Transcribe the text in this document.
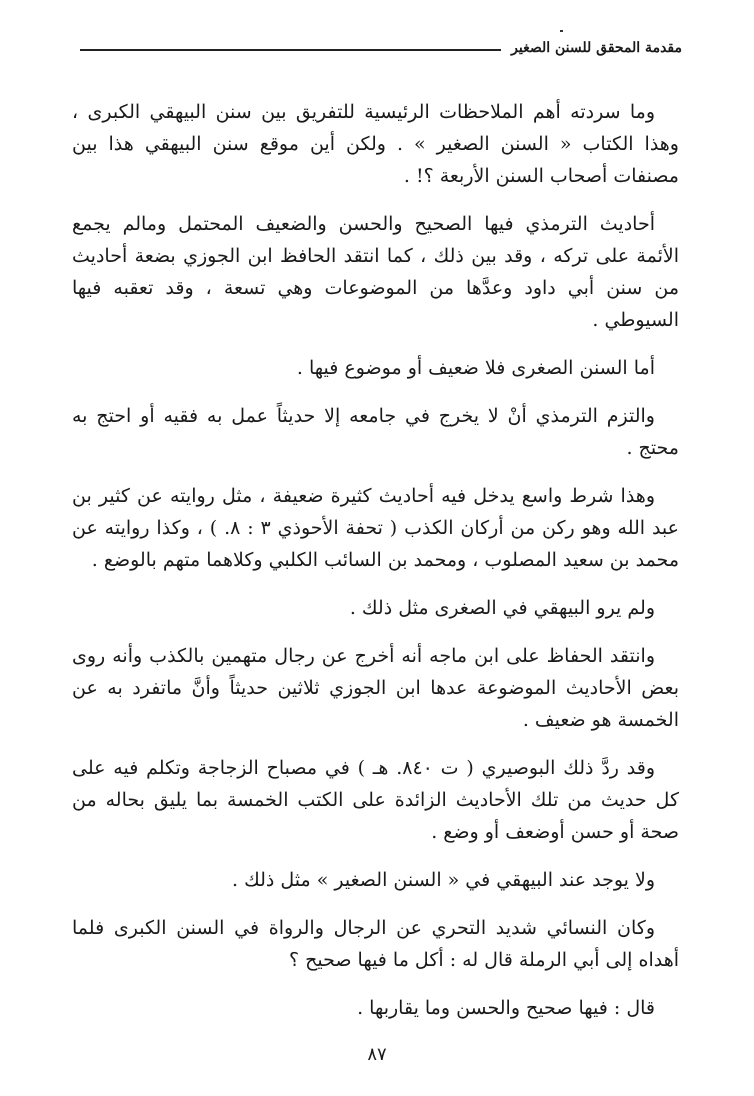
مقدمة المحقق للسنن الصغير

وما سردته أهم الملاحظات الرئيسية للتفريق بين سنن البيهقي الكبرى ، وهذا الكتاب « السنن الصغير » . ولكن أين موقع سنن البيهقي هذا بين مصنفات أصحاب السنن الأربعة ؟! .

أحاديث الترمذي فيها الصحيح والحسن والضعيف المحتمل ومالم يجمع الأئمة على تركه ، وقد بين ذلك ، كما انتقد الحافظ ابن الجوزي بضعة أحاديث من سنن أبي داود وعدَّها من الموضوعات وهي تسعة ، وقد تعقبه فيها السيوطي .

أما السنن الصغرى فلا ضعيف أو موضوع فيها .

والتزم الترمذي أنْ لا يخرج في جامعه إلا حديثاً عمل به فقيه أو احتج به محتج .

وهذا شرط واسع يدخل فيه أحاديث كثيرة ضعيفة ، مثل روايته عن كثير بن عبد الله وهو ركن من أركان الكذب ( تحفة الأحوذي ٣ : ٨. ) ، وكذا روايته عن محمد بن سعيد المصلوب ، ومحمد بن السائب الكلبي وكلاهما متهم بالوضع .

ولم يرو البيهقي في الصغرى مثل ذلك .

وانتقد الحفاظ على ابن ماجه أنه أخرج عن رجال متهمين بالكذب وأنه روى بعض الأحاديث الموضوعة عدها ابن الجوزي ثلاثين حديثاً وأنَّ ماتفرد به عن الخمسة هو ضعيف .

وقد ردَّ ذلك البوصيري ( ت ٨٤٠. هـ ) في مصباح الزجاجة وتكلم فيه على كل حديث من تلك الأحاديث الزائدة على الكتب الخمسة بما يليق بحاله من صحة أو حسن أوضعف أو وضع .

ولا يوجد عند البيهقي في « السنن الصغير » مثل ذلك .

وكان النسائي شديد التحري عن الرجال والرواة في السنن الكبرى فلما أهداه إلى أبي الرملة قال له : أكل ما فيها صحيح ؟

قال : فيها صحيح والحسن وما يقاربها .

٨٧
